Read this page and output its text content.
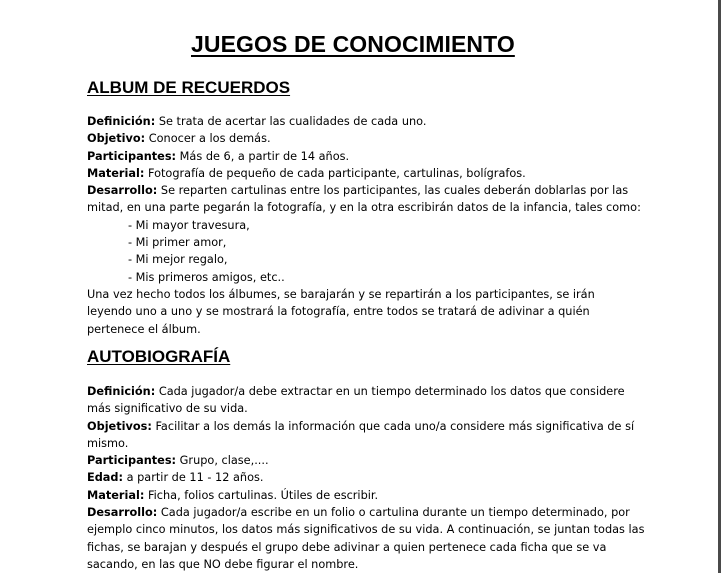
JUEGOS DE CONOCIMIENTO
ALBUM DE RECUERDOS
Definición: Se trata de acertar las cualidades de cada uno.
Objetivo: Conocer a los demás.
Participantes: Más de 6, a partir de 14 años.
Material: Fotografía de pequeño de cada participante, cartulinas, bolígrafos.
Desarrollo: Se reparten cartulinas entre los participantes, las cuales deberán doblarlas por las
mitad, en una parte pegarán la fotografía, y en la otra escribirán datos de la infancia, tales como:
- Mi mayor travesura,
- Mi primer amor,
- Mi mejor regalo,
- Mis primeros amigos, etc..
Una vez hecho todos los álbumes, se barajarán y se repartirán a los participantes, se irán
leyendo uno a uno y se mostrará la fotografía, entre todos se tratará de adivinar a quién
pertenece el álbum.
AUTOBIOGRAFÍA
Definición: Cada jugador/a debe extractar en un tiempo determinado los datos que considere
más significativo de su vida.
Objetivos: Facilitar a los demás la información que cada uno/a considere más significativa de sí
mismo.
Participantes: Grupo, clase,....
Edad: a partir de 11 - 12 años.
Material: Ficha, folios cartulinas. Útiles de escribir.
Desarrollo: Cada jugador/a escribe en un folio o cartulina durante un tiempo determinado, por
ejemplo cinco minutos, los datos más significativos de su vida. A continuación, se juntan todas las
fichas, se barajan y después el grupo debe adivinar a quien pertenece cada ficha que se va
sacando, en las que NO debe figurar el nombre.
